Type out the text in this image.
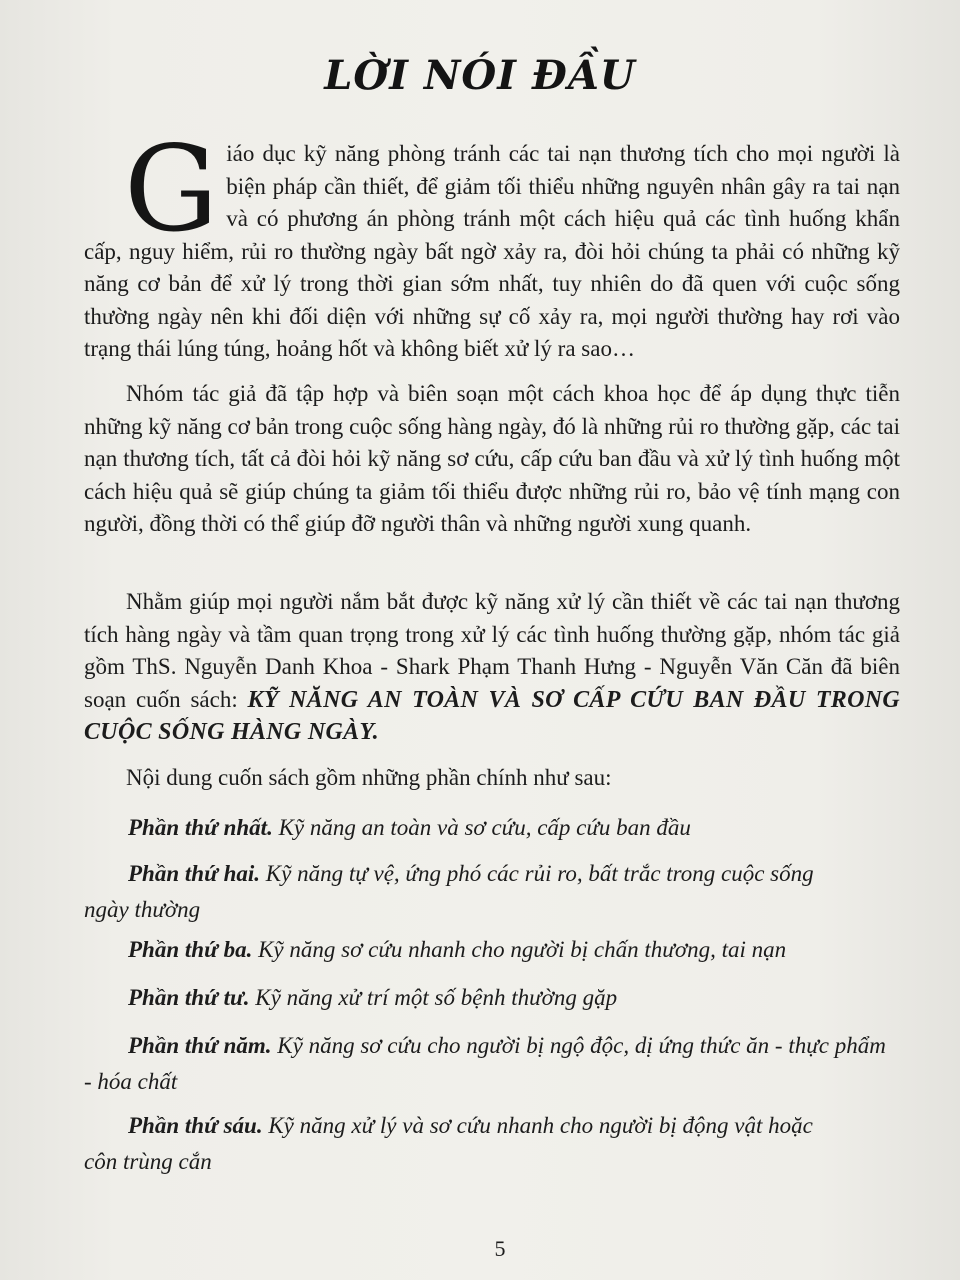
LỜI NÓI ĐẦU
G iáo dục kỹ năng phòng tránh các tai nạn thương tích cho mọi người là biện pháp cần thiết, để giảm tối thiểu những nguyên nhân gây ra tai nạn và có phương án phòng tránh một cách hiệu quả các tình huống khẩn cấp, nguy hiểm, rủi ro thường ngày bất ngờ xảy ra, đòi hỏi chúng ta phải có những kỹ năng cơ bản để xử lý trong thời gian sớm nhất, tuy nhiên do đã quen với cuộc sống thường ngày nên khi đối diện với những sự cố xảy ra, mọi người thường hay rơi vào trạng thái lúng túng, hoảng hốt và không biết xử lý ra sao…
Nhóm tác giả đã tập hợp và biên soạn một cách khoa học để áp dụng thực tiễn những kỹ năng cơ bản trong cuộc sống hàng ngày, đó là những rủi ro thường gặp, các tai nạn thương tích, tất cả đòi hỏi kỹ năng sơ cứu, cấp cứu ban đầu và xử lý tình huống một cách hiệu quả sẽ giúp chúng ta giảm tối thiểu được những rủi ro, bảo vệ tính mạng con người, đồng thời có thể giúp đỡ người thân và những người xung quanh.
Nhằm giúp mọi người nắm bắt được kỹ năng xử lý cần thiết về các tai nạn thương tích hàng ngày và tầm quan trọng trong xử lý các tình huống thường gặp, nhóm tác giả gồm ThS. Nguyễn Danh Khoa - Shark Phạm Thanh Hưng - Nguyễn Văn Căn đã biên soạn cuốn sách: KỸ NĂNG AN TOÀN VÀ SƠ CẤP CỨU BAN ĐẦU TRONG CUỘC SỐNG HÀNG NGÀY.
Nội dung cuốn sách gồm những phần chính như sau:
Phần thứ nhất. Kỹ năng an toàn và sơ cứu, cấp cứu ban đầu
Phần thứ hai. Kỹ năng tự vệ, ứng phó các rủi ro, bất trắc trong cuộc sống
ngày thường
Phần thứ ba. Kỹ năng sơ cứu nhanh cho người bị chấn thương, tai nạn
Phần thứ tư. Kỹ năng xử trí một số bệnh thường gặp
Phần thứ năm. Kỹ năng sơ cứu cho người bị ngộ độc, dị ứng thức ăn - thực phẩm
- hóa chất
Phần thứ sáu. Kỹ năng xử lý và sơ cứu nhanh cho người bị động vật hoặc
côn trùng cắn
5
